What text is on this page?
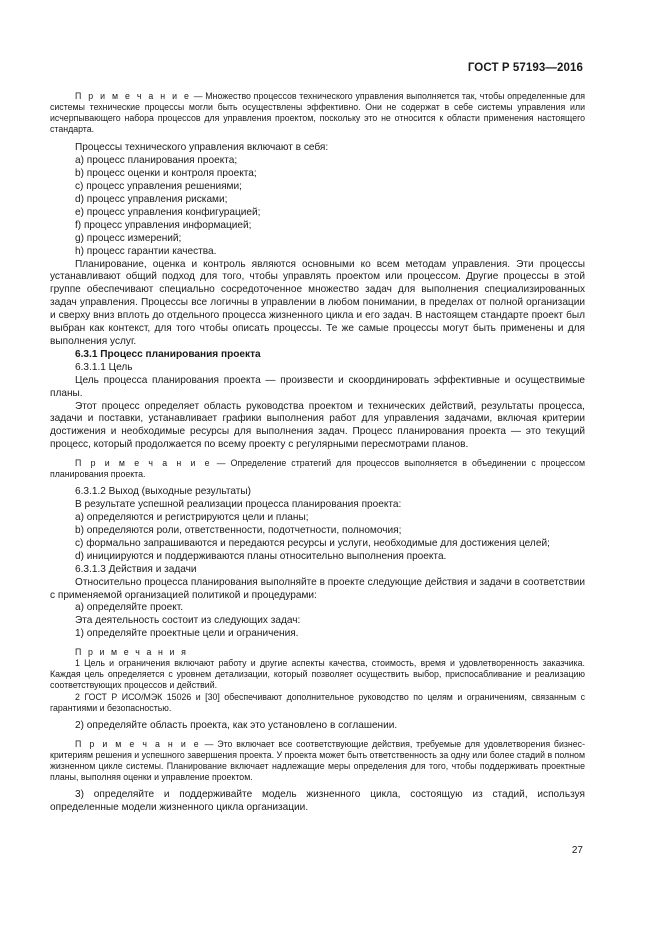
ГОСТ Р 57193—2016

П р и м е ч а н и е — Множество процессов технического управления выполняется так, чтобы определенные для системы технические процессы могли быть осуществлены эффективно. Они не содержат в себе системы управления или исчерпывающего набора процессов для управления проектом, поскольку это не относится к области применения настоящего стандарта.

Процессы технического управления включают в себя:

а) процесс планирования проекта;

b) процесс оценки и контроля проекта;

с) процесс управления решениями;

d) процесс управления рисками;

е) процесс управления конфигурацией;

f) процесс управления информацией;

g) процесс измерений;

h) процесс гарантии качества.

Планирование, оценка и контроль являются основными ко всем методам управления. Эти процессы устанавливают общий подход для того, чтобы управлять проектом или процессом. Другие процессы в этой группе обеспечивают специально сосредоточенное множество задач для выполнения специализированных задач управления. Процессы все логичны в управлении в любом понимании, в пределах от полной организации и сверху вниз вплоть до отдельного процесса жизненного цикла и его задач. В настоящем стандарте проект был выбран как контекст, для того чтобы описать процессы. Те же самые процессы могут быть применены и для выполнения услуг.

6.3.1 Процесс планирования проекта

6.3.1.1 Цель

Цель процесса планирования проекта — произвести и скоординировать эффективные и осуществимые планы.

Этот процесс определяет область руководства проектом и технических действий, результаты процесса, задачи и поставки, устанавливает графики выполнения работ для управления задачами, включая критерии достижения и необходимые ресурсы для выполнения задач. Процесс планирования проекта — это текущий процесс, который продолжается по всему проекту с регулярными пересмотрами планов.

П р и м е ч а н и е — Определение стратегий для процессов выполняется в объединении с процессом планирования проекта.

6.3.1.2 Выход (выходные результаты)

В результате успешной реализации процесса планирования проекта:

а) определяются и регистрируются цели и планы;

b) определяются роли, ответственности, подотчетности, полномочия;

с) формально запрашиваются и передаются ресурсы и услуги, необходимые для достижения целей;

d) инициируются и поддерживаются планы относительно выполнения проекта.

6.3.1.3 Действия и задачи

Относительно процесса планирования выполняйте в проекте следующие действия и задачи в соответствии с применяемой организацией политикой и процедурами:

а) определяйте проект.

Эта деятельность состоит из следующих задач:

1) определяйте проектные цели и ограничения.

П р и м е ч а н и я

1 Цель и ограничения включают работу и другие аспекты качества, стоимость, время и удовлетворенность заказчика. Каждая цель определяется с уровнем детализации, который позволяет осуществить выбор, приспосабливание и реализацию соответствующих процессов и действий.

2 ГОСТ Р ИСО/МЭК 15026 и [30] обеспечивают дополнительное руководство по целям и ограничениям, связанным с гарантиями и безопасностью.

2) определяйте область проекта, как это установлено в соглашении.

П р и м е ч а н и е — Это включает все соответствующие действия, требуемые для удовлетворения бизнес-критериям решения и успешного завершения проекта. У проекта может быть ответственность за одну или более стадий в полном жизненном цикле системы. Планирование включает надлежащие меры определения для того, чтобы поддерживать проектные планы, выполняя оценки и управление проектом.

3) определяйте и поддерживайте модель жизненного цикла, состоящую из стадий, используя определенные модели жизненного цикла организации.

27
